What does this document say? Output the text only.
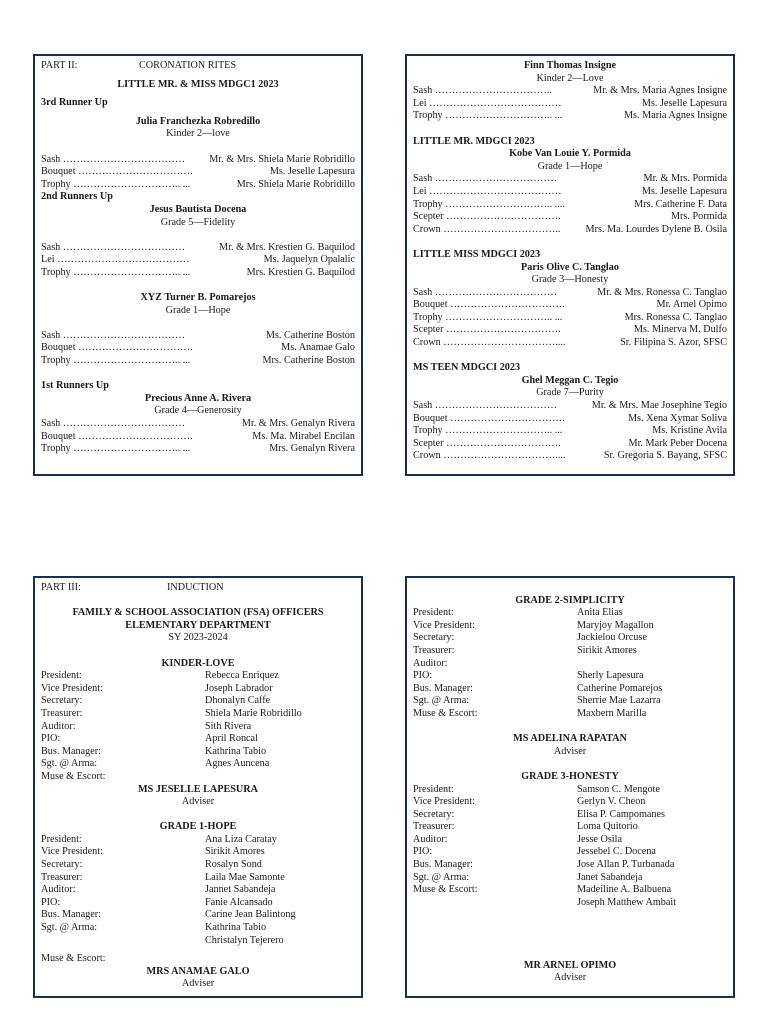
PART II:	CORONATION RITES
LITTLE MR. & MISS MDGC1 2023
3rd Runner Up
Julia Franchezka Robredillo
Kinder 2—love
Sash ………………………………	Mr. & Mrs. Shiela Marie Robridillo
Bouquet …………………………….	Ms. Jeselle Lapesura
Trophy ………………………….. ...	Mrs. Shiela Marie Robridillo
2nd Runners Up
Jesus Bautista Docena
Grade 5—Fidelity
Sash ………………………………	Mr. & Mrs. Krestien G. Baquilod
Lei …………………………………	Ms. Jaquelyn Opalalic
Trophy ………………………….. ...	Mrs. Krestien G. Baquilod
XYZ Turner B. Pomarejos
Grade 1—Hope
Sash ………………………………	Ms. Catherine Boston
Bouquet …………………………….	Ms. Anamae Galo
Trophy ………………………….. ...	Mrs. Catherine Boston
1st Runners Up
Precious Anne A. Rivera
Grade 4—Generosity
Sash ………………………………	Mr. & Mrs. Genalyn Rivera
Bouquet …………………………….	Ms. Ma. Mirabel Encilan
Trophy ………………………….. ...	Mrs. Genalyn Rivera
Finn Thomas Insigne
Kinder 2—Love
Sash ……………………………..	Mr. & Mrs. Maria Agnes Insigne
Lei …………………………………	Ms. Jeselle Lapesura
Trophy ………………………….. ...	Ms. Maria Agnes Insigne
LITTLE MR. MDGCI 2023
Kobe Van Louie Y. Pormida
Grade 1—Hope
Sash ………………………………	Mr. & Mrs. Pormida
Lei …………………………………	Ms. Jeselle Lapesura
Trophy ………………………….. ....	Mrs. Catherine F. Data
Scepter …………………………….	Mrs. Pormida
Crown ……………………………..	Mrs. Ma. Lourdes Dylene B. Osila
LITTLE MISS MDGCI 2023
Paris Olive C. Tanglao
Grade 3—Honesty
Sash ………………………………	Mr. & Mrs. Ronessa C. Tanglao
Bouquet …………………………….	Mr. Arnel Opimo
Trophy ………………………….. ...	Mrs. Ronessa C. Tanglao
Scepter …………………………….	Ms. Minerva M. Dulfo
Crown ……………………………....	Sr. Filipina S. Azor, SFSC
MS TEEN MDGCI 2023
Ghel Meggan C. Tegio
Grade 7—Purity
Sash ………………………………	Mr. & Mrs. Mae Josephine Tegio
Bouquet …………………………….	Ms. Xena Xymar Soliva
Trophy ………………………….. ...	Ms. Kristine Avila
Scepter …………………………….	Mr. Mark Peber Docena
Crown ……………………………....	Sr. Gregoria S. Bayang, SFSC
PART III:	INDUCTION
FAMILY & SCHOOL ASSOCIATION (FSA) OFFICERS
ELEMENTARY DEPARTMENT
SY 2023-2024
KINDER-LOVE
President:	Rebecca Enriquez
Vice President:	Joseph Labrador
Secretary:	Dhonalyn Caffe
Treasurer:	Shiela Marie Robridillo
Auditor:	Sith Rivera
PIO:	April Roncal
Bus. Manager:	Kathrina Tabio
Sgt. @ Arma:	Agnes Auncena
Muse & Escort:
MS JESELLE LAPESURA
Adviser
GRADE 1-HOPE
President:	Ana Liza Caratay
Vice President:	Sirikit Amores
Secretary:	Rosalyn Sond
Treasurer:	Laila Mae Samonte
Auditor:	Jannet Sabandeja
PIO:	Fanie Alcansado
Bus. Manager:	Carine Jean Balintong
Sgt. @ Arma:	Kathrina Tabio
Christalyn Tejerero
Muse & Escort:
MRS ANAMAE GALO
Adviser
GRADE 2-SIMPLICITY
President:	Anita Elias
Vice President:	Maryjoy Magallon
Secretary:	Jackielou Orcuse
Treasurer:	Sirikit Amores
Auditor:
PIO:	Sherly Lapesura
Bus. Manager:	Catherine Pomarejos
Sgt. @ Arma:	Sherrie Mae Lazarra
Muse & Escort:	Maxbern Marilla
MS ADELINA RAPATAN
Adviser
GRADE 3-HONESTY
President:	Samson C. Mengote
Vice President:	Gerlyn V. Cheon
Secretary:	Elisa P. Campomanes
Treasurer:	Loma Quitorio
Auditor:	Jesse Osila
PIO:	Jessebel C. Docena
Bus. Manager:	Jose Allan P. Turbanada
Sgt. @ Arma:	Janet Sabandeja
Muse & Escort:	Madeiline A. Balbuena
Joseph Matthew Ambait
MR ARNEL OPIMO
Adviser
